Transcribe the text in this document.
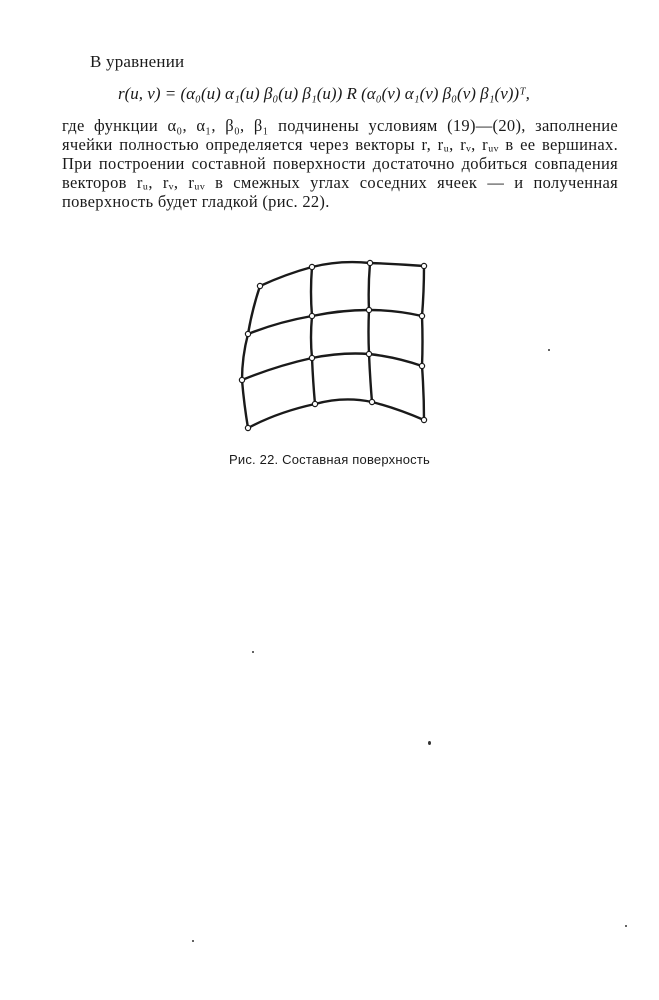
В уравнении
r(u, v) = (α₀(u) α₁(u) β₀(u) β₁(u)) R (α₀(v) α₁(v) β₀(v) β₁(v))ᵀ,
где функции α₀, α₁, β₀, β₁ подчинены условиям (19)—(20), заполнение ячейки полностью определяется через векторы r, rᵤ, rᵥ, rᵤᵥ в ее вершинах. При построении составной поверхности достаточно добиться совпадения векторов rᵤ, rᵥ, rᵤᵥ в смежных углах соседних ячеек — и полученная поверхность будет гладкой (рис. 22).
Рис. 22. Составная поверхность
